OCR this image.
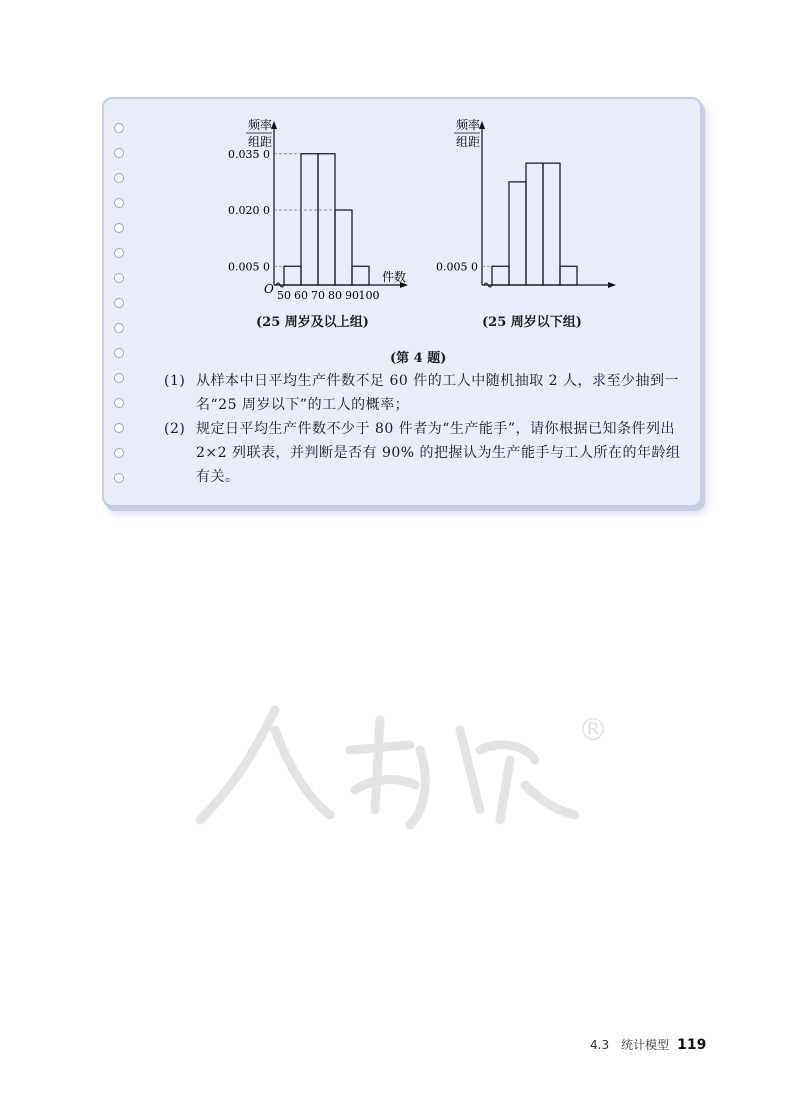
频率
组距
0.005 0
0.020 0
0.035 0
50 60 70 80 90 100
O
件数
频率
组距
0.005 0
(25 周岁及以上组)	(25 周岁以下组)
(第 4 题)
(1) 从样本中日平均生产件数不足 60 件的工人中随机抽取 2 人，求至少抽到一名“25 周岁以下”的工人的概率；
(2) 规定日平均生产件数不少于 80 件者为“生产能手”，请你根据已知条件列出 2×2 列联表，并判断是否有 90% 的把握认为生产能手与工人所在的年龄组有关。
®
4.3　统计模型 119
